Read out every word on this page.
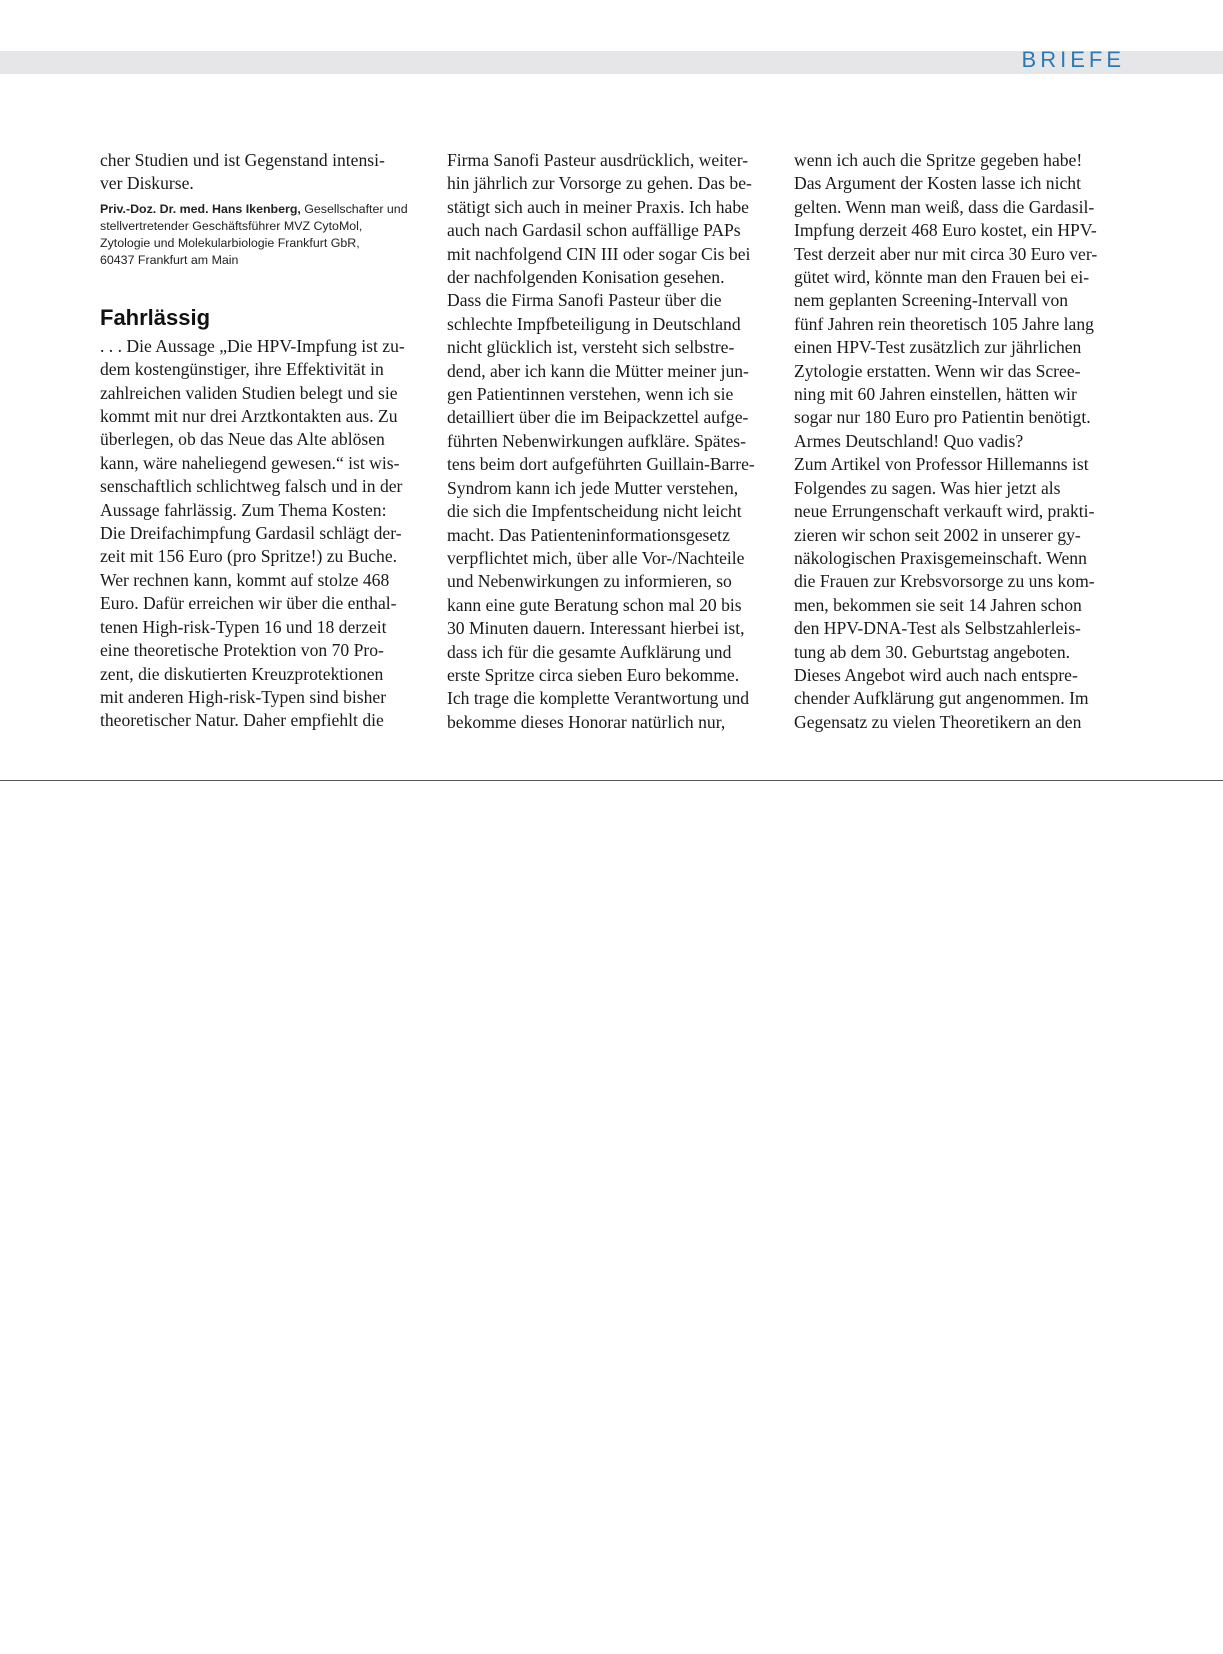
BRIEFE
cher Studien und ist Gegenstand intensi-
ver Diskurse.
Priv.-Doz. Dr. med. Hans Ikenberg, Gesellschafter und
stellvertretender Geschäftsführer MVZ CytoMol,
Zytologie und Molekularbiologie Frankfurt GbR,
60437 Frankfurt am Main
Fahrlässig
. . . Die Aussage „Die HPV-Impfung ist zu-
dem kostengünstiger, ihre Effektivität in
zahlreichen validen Studien belegt und sie
kommt mit nur drei Arztkontakten aus. Zu
überlegen, ob das Neue das Alte ablösen
kann, wäre naheliegend gewesen.“ ist wis-
senschaftlich schlichtweg falsch und in der
Aussage fahrlässig. Zum Thema Kosten:
Die Dreifachimpfung Gardasil schlägt der-
zeit mit 156 Euro (pro Spritze!) zu Buche.
Wer rechnen kann, kommt auf stolze 468
Euro. Dafür erreichen wir über die enthal-
tenen High-risk-Typen 16 und 18 derzeit
eine theoretische Protektion von 70 Pro-
zent, die diskutierten Kreuzprotektionen
mit anderen High-risk-Typen sind bisher
theoretischer Natur. Daher empfiehlt die
Firma Sanofi Pasteur ausdrücklich, weiter-
hin jährlich zur Vorsorge zu gehen. Das be-
stätigt sich auch in meiner Praxis. Ich habe
auch nach Gardasil schon auffällige PAPs
mit nachfolgend CIN III oder sogar Cis bei
der nachfolgenden Konisation gesehen.
Dass die Firma Sanofi Pasteur über die
schlechte Impfbeteiligung in Deutschland
nicht glücklich ist, versteht sich selbstre-
dend, aber ich kann die Mütter meiner jun-
gen Patientinnen verstehen, wenn ich sie
detailliert über die im Beipackzettel aufge-
führten Nebenwirkungen aufkläre. Spätes-
tens beim dort aufgeführten Guillain-Barre-
Syndrom kann ich jede Mutter verstehen,
die sich die Impfentscheidung nicht leicht
macht. Das Patienteninformationsgesetz
verpflichtet mich, über alle Vor-/Nachteile
und Nebenwirkungen zu informieren, so
kann eine gute Beratung schon mal 20 bis
30 Minuten dauern. Interessant hierbei ist,
dass ich für die gesamte Aufklärung und
erste Spritze circa sieben Euro bekomme.
Ich trage die komplette Verantwortung und
bekomme dieses Honorar natürlich nur,
wenn ich auch die Spritze gegeben habe!
Das Argument der Kosten lasse ich nicht
gelten. Wenn man weiß, dass die Gardasil-
Impfung derzeit 468 Euro kostet, ein HPV-
Test derzeit aber nur mit circa 30 Euro ver-
gütet wird, könnte man den Frauen bei ei-
nem geplanten Screening-Intervall von
fünf Jahren rein theoretisch 105 Jahre lang
einen HPV-Test zusätzlich zur jährlichen
Zytologie erstatten. Wenn wir das Scree-
ning mit 60 Jahren einstellen, hätten wir
sogar nur 180 Euro pro Patientin benötigt.
Armes Deutschland! Quo vadis?
Zum Artikel von Professor Hillemanns ist
Folgendes zu sagen. Was hier jetzt als
neue Errungenschaft verkauft wird, prakti-
zieren wir schon seit 2002 in unserer gy-
näkologischen Praxisgemeinschaft. Wenn
die Frauen zur Krebsvorsorge zu uns kom-
men, bekommen sie seit 14 Jahren schon
den HPV-DNA-Test als Selbstzahlerleis-
tung ab dem 30. Geburtstag angeboten.
Dieses Angebot wird auch nach entspre-
chender Aufklärung gut angenommen. Im
Gegensatz zu vielen Theoretikern an den
